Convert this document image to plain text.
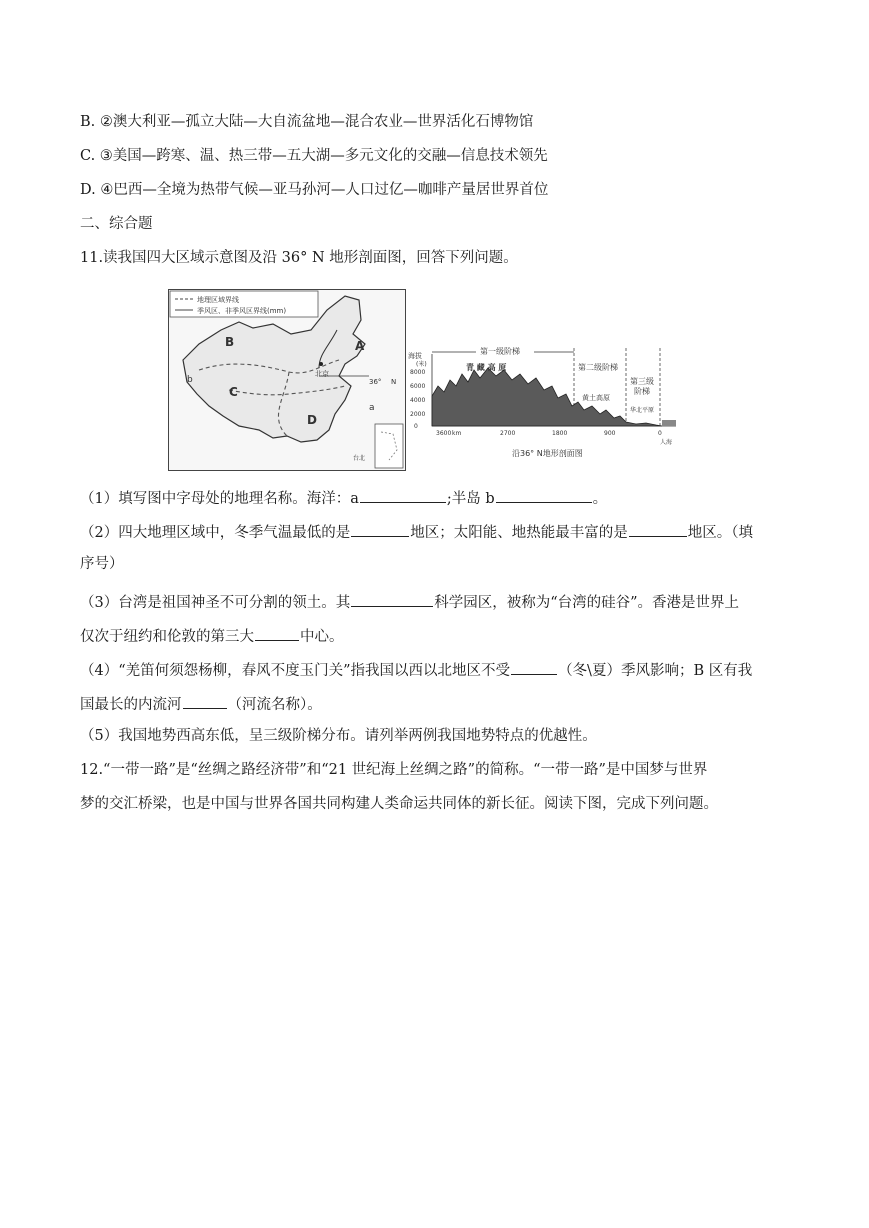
B. ②澳大利亚—孤立大陆—大自流盆地—混合农业—世界活化石博物馆
C. ③美国—跨寒、温、热三带—五大湖—多元文化的交融—信息技术领先
D. ④巴西—全境为热带气候—亚马孙河—人口过亿—咖啡产量居世界首位
二、综合题
11.读我国四大区域示意图及沿 36° N 地形剖面图，回答下列问题。
地理区域界线
季风区、非季风区界线(mm)
B
C
D
A
a
b
北京
36° N
台北
海拔
(米)
8000
6000
4000
2000
0
第一级阶梯
第二级阶梯
第三级
阶梯
青 藏 高 原
黄土高原
华北平原
3600 km	2700	1800	900	0
人海
沿36° N地形剖面图
（1）填写图中字母处的地理名称。海洋：a	;半岛 b	。
（2）四大地理区域中，冬季气温最低的是	地区；太阳能、地热能最丰富的是	地区。（填
序号）
（3）台湾是祖国神圣不可分割的领土。其	科学园区，被称为“台湾的硅谷”。香港是世界上
仅次于纽约和伦敦的第三大	中心。
（4）“羌笛何须怨杨柳，春风不度玉门关”指我国以西以北地区不受	（冬\夏）季风影响；B 区有我
国最长的内流河	（河流名称）。
（5）我国地势西高东低，呈三级阶梯分布。请列举两例我国地势特点的优越性。
12.“一带一路”是“丝绸之路经济带”和“21 世纪海上丝绸之路”的简称。“一带一路”是中国梦与世界
梦的交汇桥梁，也是中国与世界各国共同构建人类命运共同体的新长征。阅读下图，完成下列问题。
